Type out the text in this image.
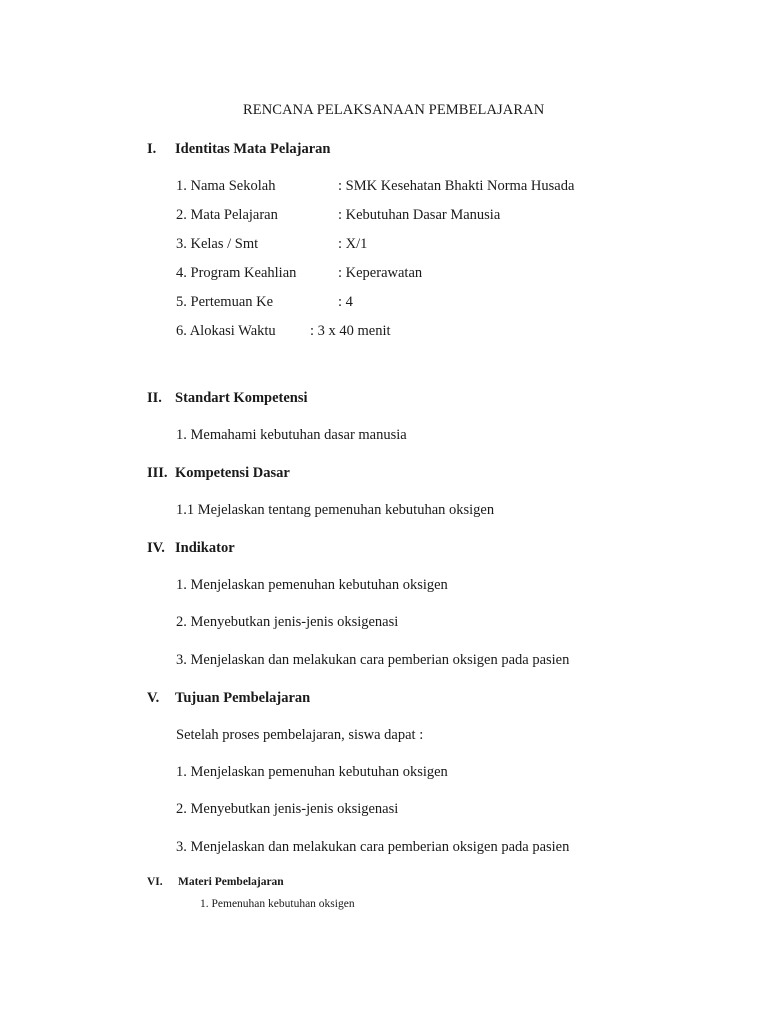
RENCANA PELAKSANAAN PEMBELAJARAN
I. Identitas Mata Pelajaran
1. Nama Sekolah	: SMK Kesehatan Bhakti Norma Husada
2. Mata Pelajaran	: Kebutuhan Dasar Manusia
3. Kelas / Smt	: X/1
4. Program Keahlian	: Keperawatan
5. Pertemuan Ke	: 4
6. Alokasi Waktu : 3 x 40 menit
II. Standart Kompetensi
1. Memahami kebutuhan dasar manusia
III. Kompetensi Dasar
1.1 Mejelaskan tentang pemenuhan kebutuhan oksigen
IV. Indikator
1. Menjelaskan pemenuhan kebutuhan oksigen
2. Menyebutkan jenis-jenis oksigenasi
3. Menjelaskan dan melakukan cara pemberian oksigen pada pasien
V. Tujuan Pembelajaran
Setelah proses pembelajaran, siswa dapat :
1. Menjelaskan pemenuhan kebutuhan oksigen
2. Menyebutkan jenis-jenis oksigenasi
3. Menjelaskan dan melakukan cara pemberian oksigen pada pasien
VI. Materi Pembelajaran
1. Pemenuhan kebutuhan oksigen
